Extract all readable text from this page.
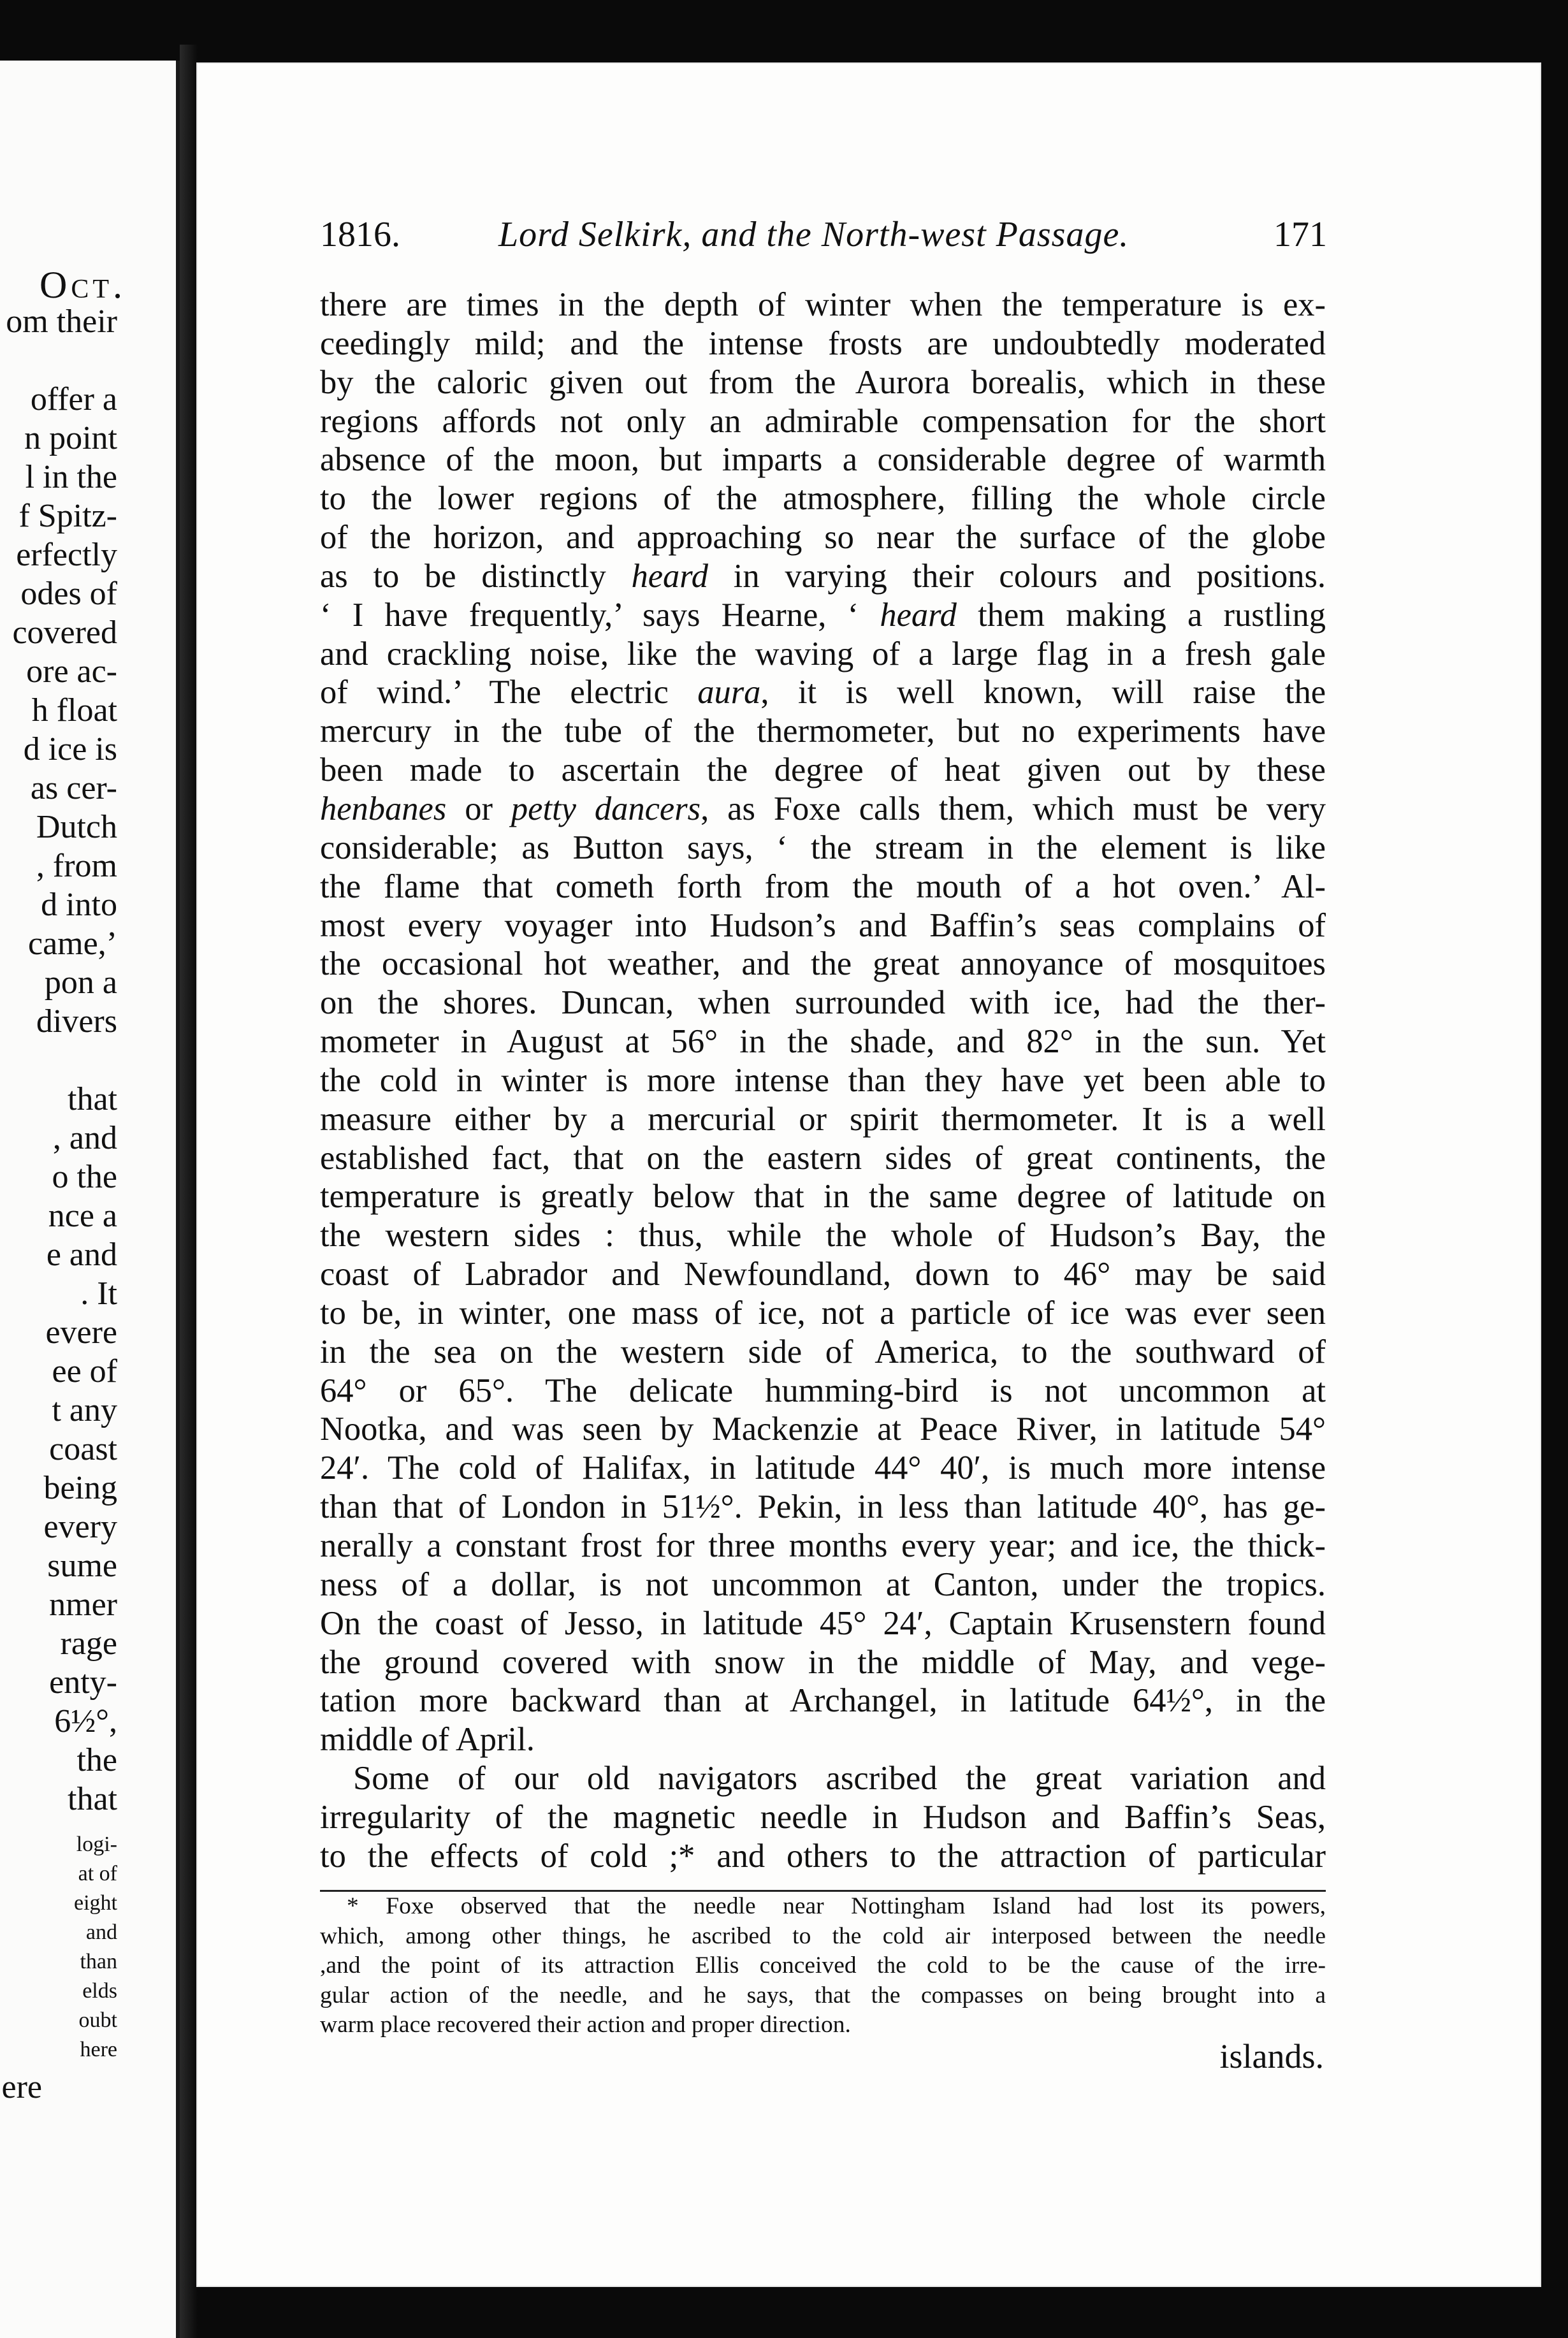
Oct.
om their
offer a
n point
l in the
f Spitz-
erfectly
odes of
covered
ore ac-
h float
d ice is
as cer-
Dutch
, from
d into
came,’
pon a
divers
that
, and
o the
nce a
e and
. It
evere
ee of
t any
coast
being
every
sume
nmer
rage
enty-
6½°,
the
that
logi-
at of
eight
and
than
elds
oubt
here
ere
1816.	Lord Selkirk, and the North-west Passage.	171
there are times in the depth of winter when the temperature is ex-
ceedingly mild; and the intense frosts are undoubtedly moderated
by the caloric given out from the Aurora borealis, which in these
regions affords not only an admirable compensation for the short
absence of the moon, but imparts a considerable degree of warmth
to the lower regions of the atmosphere, filling the whole circle
of the horizon, and approaching so near the surface of the globe
as to be distinctly heard in varying their colours and positions.
‘ I have frequently,’ says Hearne, ‘ heard them making a rustling
and crackling noise, like the waving of a large flag in a fresh gale
of wind.’ The electric aura, it is well known, will raise the
mercury in the tube of the thermometer, but no experiments have
been made to ascertain the degree of heat given out by these
henbanes or petty dancers, as Foxe calls them, which must be very
considerable; as Button says, ‘ the stream in the element is like
the flame that cometh forth from the mouth of a hot oven.’ Al-
most every voyager into Hudson’s and Baffin’s seas complains of
the occasional hot weather, and the great annoyance of mosquitoes
on the shores. Duncan, when surrounded with ice, had the ther-
mometer in August at 56° in the shade, and 82° in the sun. Yet
the cold in winter is more intense than they have yet been able to
measure either by a mercurial or spirit thermometer. It is a well
established fact, that on the eastern sides of great continents, the
temperature is greatly below that in the same degree of latitude on
the western sides : thus, while the whole of Hudson’s Bay, the
coast of Labrador and Newfoundland, down to 46° may be said
to be, in winter, one mass of ice, not a particle of ice was ever seen
in the sea on the western side of America, to the southward of
64° or 65°. The delicate humming-bird is not uncommon at
Nootka, and was seen by Mackenzie at Peace River, in latitude 54°
24′. The cold of Halifax, in latitude 44° 40′, is much more intense
than that of London in 51½°. Pekin, in less than latitude 40°, has ge-
nerally a constant frost for three months every year; and ice, the thick-
ness of a dollar, is not uncommon at Canton, under the tropics.
On the coast of Jesso, in latitude 45° 24′, Captain Krusenstern found
the ground covered with snow in the middle of May, and vege-
tation more backward than at Archangel, in latitude 64½°, in the
middle of April.
Some of our old navigators ascribed the great variation and
irregularity of the magnetic needle in Hudson and Baffin’s Seas,
to the effects of cold ;* and others to the attraction of particular
* Foxe observed that the needle near Nottingham Island had lost its powers,
which, among other things, he ascribed to the cold air interposed between the needle
,and the point of its attraction Ellis conceived the cold to be the cause of the irre-
gular action of the needle, and he says, that the compasses on being brought into a
warm place recovered their action and proper direction.
islands.
